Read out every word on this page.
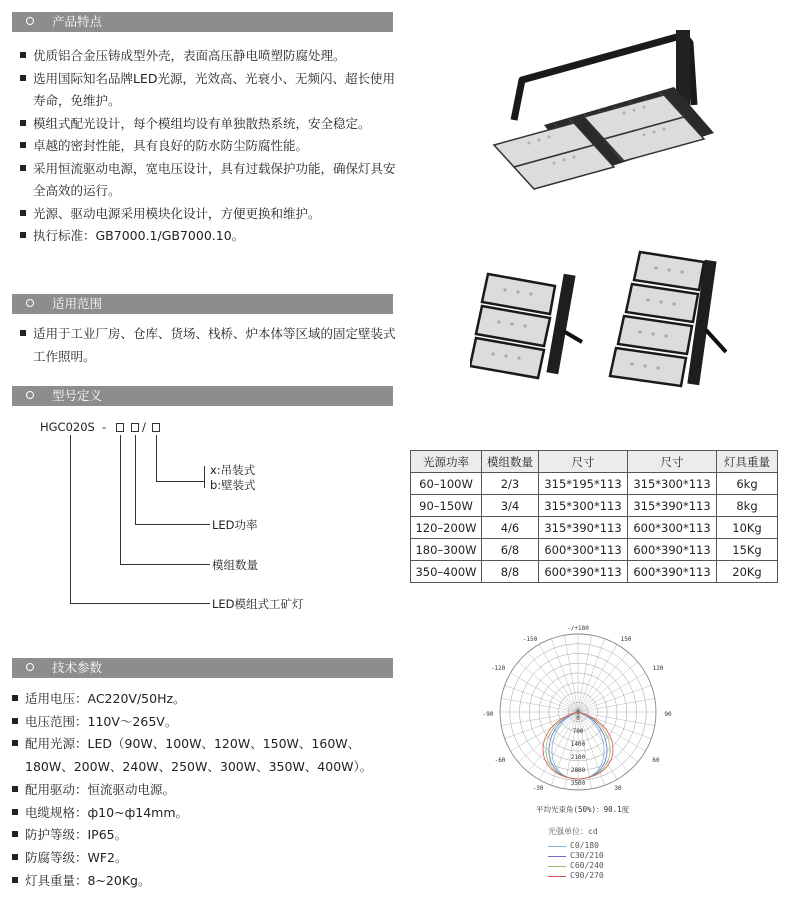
产品特点
优质铝合金压铸成型外壳，表面高压静电喷塑防腐处理。
选用国际知名品牌LED光源，光效高、光衰小、无频闪、超长使用寿命，免维护。
模组式配光设计，每个模组均设有单独散热系统，安全稳定。
卓越的密封性能，具有良好的防水防尘防腐性能。
采用恒流驱动电源，宽电压设计，具有过载保护功能，确保灯具安全高效的运行。
光源、驱动电源采用模块化设计，方便更换和维护。
执行标准：GB7000.1/GB7000.10。
适用范围
适用于工业厂房、仓库、货场、栈桥、炉本体等区域的固定壁装式工作照明。
型号定义
HGC020S -	/
x:吊装式
b:壁装式
LED功率
模组数量
LED模组式工矿灯
技术参数
适用电压：AC220V/50Hz。
电压范围：110V～265V。
配用光源：LED（90W、100W、120W、150W、160W、180W、200W、240W、250W、300W、350W、400W）。
配用驱动：恒流驱动电源。
电缆规格：ф10~ф14mm。
防护等级：IP65。
防腐等级：WF2。
灯具重量：8~20Kg。
光源功率	模组数量	尺寸	尺寸	灯具重量
60–100W	2/3	315*195*113	315*300*113	6kg
90–150W	3/4	315*300*113	315*390*113	8kg
120–200W	4/6	315*390*113	600*300*113	10Kg
180–300W	6/8	600*300*113	600*390*113	15Kg
350–400W	8/8	600*390*113	600*390*113	20Kg
-/+180
-150	150
-120	120
-90	90
-60	60
-30	30
0
0
700
1400
2100
2800
3500
平均光束角(50%)：90.1度
光强单位：cd
C0/180
C30/210
C60/240
C90/270
